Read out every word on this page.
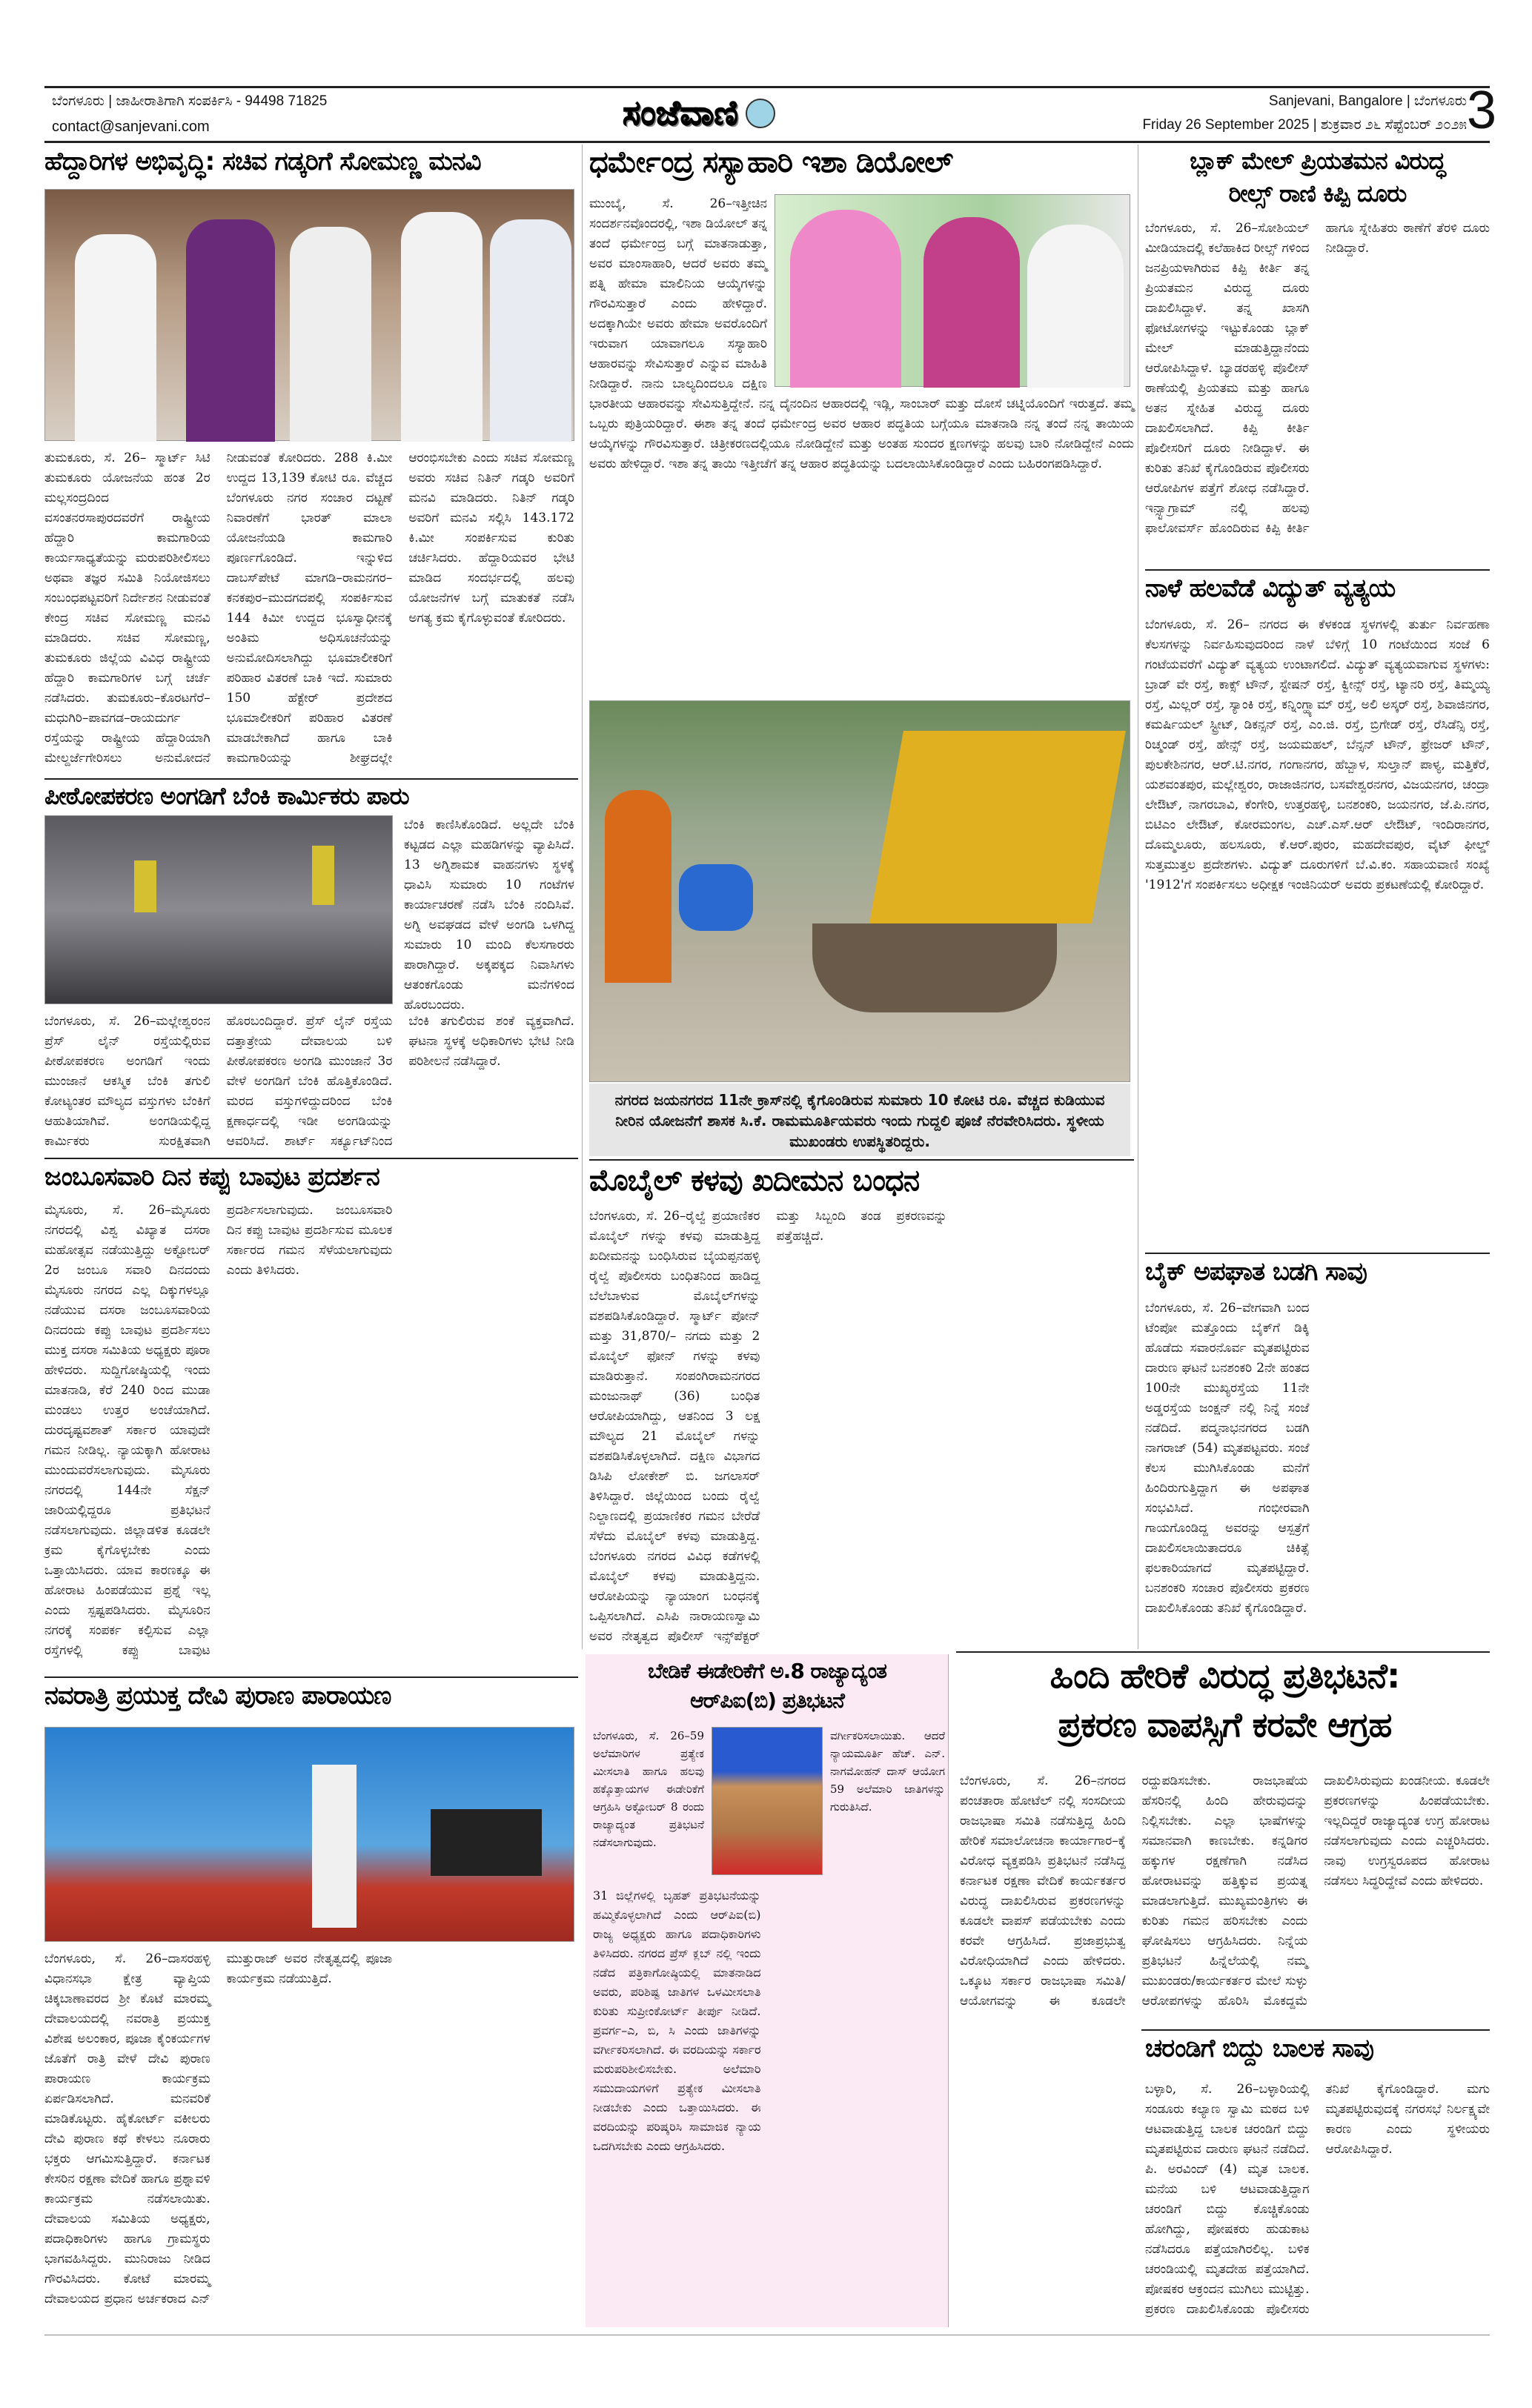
ಬೆಂಗಳೂರು | ಜಾಹೀರಾತಿಗಾಗಿ ಸಂಪರ್ಕಿಸಿ - 94498 71825
contact@sanjevani.com	ಸಂಜೆವಾಣಿ	Sanjevani, Bangalore | ಬೆಂಗಳೂರು
Friday 26 September 2025 | ಶುಕ್ರವಾರ ೨೬ ಸೆಪ್ಟೆಂಬರ್ ೨೦೨೫ 3
ಹೆದ್ದಾರಿಗಳ ಅಭಿವೃದ್ಧಿ: ಸಚಿವ ಗಡ್ಕರಿಗೆ ಸೋಮಣ್ಣ ಮನವಿ
ತುಮಕೂರು, ಸೆ. 26– ಸ್ಮಾರ್ಟ್ ಸಿಟಿ ತುಮಕೂರು ಯೋಜನೆಯ ಹಂತ 2ರ ಮಲ್ಲಸಂದ್ರದಿಂದ ವಸಂತನರಸಾಪುರದವರೆಗೆ ರಾಷ್ಟ್ರೀಯ ಹೆದ್ದಾರಿ ಕಾಮಗಾರಿಯ ಕಾರ್ಯಸಾಧ್ಯತೆಯನ್ನು ಮರುಪರಿಶೀಲಿಸಲು ಅಥವಾ ತಜ್ಞರ ಸಮಿತಿ ನಿಯೋಜಿಸಲು ಸಂಬಂಧಪಟ್ಟವರಿಗೆ ನಿರ್ದೇಶನ ನೀಡುವಂತೆ ಕೇಂದ್ರ ಸಚಿವ ಸೋಮಣ್ಣ ಮನವಿ ಮಾಡಿದರು. ಸಚಿವ ಸೋಮಣ್ಣ, ತುಮಕೂರು ಜಿಲ್ಲೆಯ ವಿವಿಧ ರಾಷ್ಟ್ರೀಯ ಹೆದ್ದಾರಿ ಕಾಮಗಾರಿಗಳ ಬಗ್ಗೆ ಚರ್ಚೆ ನಡೆಸಿದರು. ತುಮಕೂರು–ಕೊರಟಗೆರೆ–ಮಧುಗಿರಿ–ಪಾವಗಡ–ರಾಯದುರ್ಗ ರಸ್ತೆಯನ್ನು ರಾಷ್ಟ್ರೀಯ ಹೆದ್ದಾರಿಯಾಗಿ ಮೇಲ್ದರ್ಜೆಗೇರಿಸಲು ಅನುಮೋದನೆ ನೀಡುವಂತೆ ಕೋರಿದರು. 288 ಕಿ.ಮೀ ಉದ್ದದ 13,139 ಕೋಟಿ ರೂ. ವೆಚ್ಚದ ಬೆಂಗಳೂರು ನಗರ ಸಂಚಾರ ದಟ್ಟಣೆ ನಿವಾರಣೆಗೆ ಭಾರತ್ ಮಾಲಾ ಯೋಜನೆಯಡಿ ಕಾಮಗಾರಿ ಪೂರ್ಣಗೊಂಡಿದೆ. ಇನ್ನುಳಿದ ದಾಬಸ್‌ಪೇಟೆ ಮಾಗಡಿ–ರಾಮನಗರ–ಕನಕಪುರ–ಮುದಗದಪಲ್ಲಿ ಸಂಪರ್ಕಿಸುವ 144 ಕಿಮೀ ಉದ್ದದ ಭೂಸ್ವಾಧೀನಕ್ಕೆ ಅಂತಿಮ ಅಧಿಸೂಚನೆಯನ್ನು ಅನುಮೋದಿಸಲಾಗಿದ್ದು ಭೂಮಾಲೀಕರಿಗೆ ಪರಿಹಾರ ವಿತರಣೆ ಬಾಕಿ ಇದೆ. ಸುಮಾರು 150 ಹೆಕ್ಟೇರ್ ಪ್ರದೇಶದ ಭೂಮಾಲೀಕರಿಗೆ ಪರಿಹಾರ ವಿತರಣೆ ಮಾಡಬೇಕಾಗಿದೆ ಹಾಗೂ ಬಾಕಿ ಕಾಮಗಾರಿಯನ್ನು ಶೀಘ್ರದಲ್ಲೇ ಆರಂಭಿಸಬೇಕು ಎಂದು ಸಚಿವ ಸೋಮಣ್ಣ ಅವರು ಸಚಿವ ನಿತಿನ್ ಗಡ್ಕರಿ ಅವರಿಗೆ ಮನವಿ ಮಾಡಿದರು. ನಿತಿನ್ ಗಡ್ಕರಿ ಅವರಿಗೆ ಮನವಿ ಸಲ್ಲಿಸಿ 143.172 ಕಿ.ಮೀ ಸಂಪರ್ಕಿಸುವ ಕುರಿತು ಚರ್ಚಿಸಿದರು. ಹೆದ್ದಾರಿಯವರ ಭೇಟಿ ಮಾಡಿದ ಸಂದರ್ಭದಲ್ಲಿ ಹಲವು ಯೋಜನೆಗಳ ಬಗ್ಗೆ ಮಾತುಕತೆ ನಡೆಸಿ ಅಗತ್ಯ ಕ್ರಮ ಕೈಗೊಳ್ಳುವಂತೆ ಕೋರಿದರು.
ಪೀಠೋಪಕರಣ ಅಂಗಡಿಗೆ ಬೆಂಕಿ ಕಾರ್ಮಿಕರು ಪಾರು
ಬೆಂಕಿ ಕಾಣಿಸಿಕೊಂಡಿದೆ. ಅಲ್ಲದೇ ಬೆಂಕಿ ಕಟ್ಟಡದ ಎಲ್ಲಾ ಮಹಡಿಗಳನ್ನು ವ್ಯಾಪಿಸಿದೆ. 13 ಅಗ್ನಿಶಾಮಕ ವಾಹನಗಳು ಸ್ಥಳಕ್ಕೆ ಧಾವಿಸಿ ಸುಮಾರು 10 ಗಂಟೆಗಳ ಕಾರ್ಯಾಚರಣೆ ನಡೆಸಿ ಬೆಂಕಿ ನಂದಿಸಿವೆ. ಅಗ್ನಿ ಅವಘಡದ ವೇಳೆ ಅಂಗಡಿ ಒಳಗಿದ್ದ ಸುಮಾರು 10 ಮಂದಿ ಕೆಲಸಗಾರರು ಪಾರಾಗಿದ್ದಾರೆ. ಅಕ್ಕಪಕ್ಕದ ನಿವಾಸಿಗಳು ಆತಂಕಗೊಂಡು ಮನೆಗಳಿಂದ ಹೊರಬಂದರು.
ಬೆಂಗಳೂರು, ಸೆ. 26–ಮಲ್ಲೇಶ್ವರಂನ ಪ್ರೆಸ್ ಲೈನ್ ರಸ್ತೆಯಲ್ಲಿರುವ ಪೀಠೋಪಕರಣ ಅಂಗಡಿಗೆ ಇಂದು ಮುಂಜಾನೆ ಆಕಸ್ಮಿಕ ಬೆಂಕಿ ತಗುಲಿ ಕೋಟ್ಯಂತರ ಮೌಲ್ಯದ ವಸ್ತುಗಳು ಬೆಂಕಿಗೆ ಆಹುತಿಯಾಗಿವೆ. ಅಂಗಡಿಯಲ್ಲಿದ್ದ ಕಾರ್ಮಿಕರು ಸುರಕ್ಷಿತವಾಗಿ ಹೊರಬಂದಿದ್ದಾರೆ. ಪ್ರೆಸ್ ಲೈನ್ ರಸ್ತೆಯ ದತ್ತಾತ್ರೇಯ ದೇವಾಲಯ ಬಳಿ ಪೀಠೋಪಕರಣ ಅಂಗಡಿ ಮುಂಜಾನೆ 3ರ ವೇಳೆ ಅಂಗಡಿಗೆ ಬೆಂಕಿ ಹೊತ್ತಿಕೊಂಡಿದೆ. ಮರದ ವಸ್ತುಗಳಿದ್ದುದರಿಂದ ಬೆಂಕಿ ಕ್ಷಣಾರ್ಧದಲ್ಲಿ ಇಡೀ ಅಂಗಡಿಯನ್ನು ಆವರಿಸಿದೆ. ಶಾರ್ಟ್ ಸರ್ಕ್ಯೂಟ್‌ನಿಂದ ಬೆಂಕಿ ತಗುಲಿರುವ ಶಂಕೆ ವ್ಯಕ್ತವಾಗಿದೆ. ಘಟನಾ ಸ್ಥಳಕ್ಕೆ ಅಧಿಕಾರಿಗಳು ಭೇಟಿ ನೀಡಿ ಪರಿಶೀಲನೆ ನಡೆಸಿದ್ದಾರೆ.
ಜಂಬೂಸವಾರಿ ದಿನ ಕಪ್ಪು ಬಾವುಟ ಪ್ರದರ್ಶನ
ಮೈಸೂರು, ಸೆ. 26–ಮೈಸೂರು ನಗರದಲ್ಲಿ ವಿಶ್ವ ವಿಖ್ಯಾತ ದಸರಾ ಮಹೋತ್ಸವ ನಡೆಯುತ್ತಿದ್ದು ಅಕ್ಟೋಬರ್ 2ರ ಜಂಬೂ ಸವಾರಿ ದಿನದಂದು ಮೈಸೂರು ನಗರದ ಎಲ್ಲ ದಿಕ್ಕುಗಳಲ್ಲೂ ನಡೆಯುವ ದಸರಾ ಜಂಬೂಸವಾರಿಯ ದಿನದಂದು ಕಪ್ಪು ಬಾವುಟ ಪ್ರದರ್ಶಿಸಲು ಮುಕ್ತ ದಸರಾ ಸಮಿತಿಯ ಅಧ್ಯಕ್ಷರು ಪೂರಾ ಹೇಳಿದರು. ಸುದ್ದಿಗೋಷ್ಠಿಯಲ್ಲಿ ಇಂದು ಮಾತನಾಡಿ, ಕೆರೆ 240 ರಿಂದ ಮುಡಾ ಮಂಡಲು ಉತ್ತರ ಅಂಚೆಯಾಗಿದೆ. ದುರದೃಷ್ಟವಶಾತ್ ಸರ್ಕಾರ ಯಾವುದೇ ಗಮನ ನೀಡಿಲ್ಲ. ನ್ಯಾಯಕ್ಕಾಗಿ ಹೋರಾಟ ಮುಂದುವರೆಸಲಾಗುವುದು. ಮೈಸೂರು ನಗರದಲ್ಲಿ 144ನೇ ಸೆಕ್ಷನ್ ಜಾರಿಯಲ್ಲಿದ್ದರೂ ಪ್ರತಿಭಟನೆ ನಡೆಸಲಾಗುವುದು. ಜಿಲ್ಲಾಡಳಿತ ಕೂಡಲೇ ಕ್ರಮ ಕೈಗೊಳ್ಳಬೇಕು ಎಂದು ಒತ್ತಾಯಿಸಿದರು. ಯಾವ ಕಾರಣಕ್ಕೂ ಈ ಹೋರಾಟ ಹಿಂಪಡೆಯುವ ಪ್ರಶ್ನೆ ಇಲ್ಲ ಎಂದು ಸ್ಪಷ್ಟಪಡಿಸಿದರು. ಮೈಸೂರಿನ ನಗರಕ್ಕೆ ಸಂಪರ್ಕ ಕಲ್ಪಿಸುವ ಎಲ್ಲಾ ರಸ್ತೆಗಳಲ್ಲಿ ಕಪ್ಪು ಬಾವುಟ ಪ್ರದರ್ಶಿಸಲಾಗುವುದು. ಜಂಬೂಸವಾರಿ ದಿನ ಕಪ್ಪು ಬಾವುಟ ಪ್ರದರ್ಶಿಸುವ ಮೂಲಕ ಸರ್ಕಾರದ ಗಮನ ಸೆಳೆಯಲಾಗುವುದು ಎಂದು ತಿಳಿಸಿದರು.
ನವರಾತ್ರಿ ಪ್ರಯುಕ್ತ ದೇವಿ ಪುರಾಣ ಪಾರಾಯಣ
ಬೆಂಗಳೂರು, ಸೆ. 26–ದಾಸರಹಳ್ಳಿ ವಿಧಾನಸಭಾ ಕ್ಷೇತ್ರ ವ್ಯಾಪ್ತಿಯ ಚಿಕ್ಕಬಾಣಾವರದ ಶ್ರೀ ಕೊಟೆ ಮಾರಮ್ಮ ದೇವಾಲಯದಲ್ಲಿ ನವರಾತ್ರಿ ಪ್ರಯುಕ್ತ ವಿಶೇಷ ಅಲಂಕಾರ, ಪೂಜಾ ಕೈಂಕರ್ಯಗಳ ಜೊತೆಗೆ ರಾತ್ರಿ ವೇಳೆ ದೇವಿ ಪುರಾಣ ಪಾರಾಯಣ ಕಾರ್ಯಕ್ರಮ ಏರ್ಪಡಿಸಲಾಗಿದೆ. ಮನವರಿಕೆ ಮಾಡಿಕೊಟ್ಟರು. ಹೈಕೋರ್ಟ್ ವಕೀಲರು ದೇವಿ ಪುರಾಣ ಕಥೆ ಕೇಳಲು ನೂರಾರು ಭಕ್ತರು ಆಗಮಿಸುತ್ತಿದ್ದಾರೆ. ಕರ್ನಾಟಕ ಕೇಸರಿನ ರಕ್ಷಣಾ ವೇದಿಕೆ ಹಾಗೂ ಪ್ರಶ್ನಾವಳಿ ಕಾರ್ಯಕ್ರಮ ನಡೆಸಲಾಯಿತು. ದೇವಾಲಯ ಸಮಿತಿಯ ಅಧ್ಯಕ್ಷರು, ಪದಾಧಿಕಾರಿಗಳು ಹಾಗೂ ಗ್ರಾಮಸ್ಥರು ಭಾಗವಹಿಸಿದ್ದರು. ಮುನಿರಾಜು ನೀಡಿದ ಗೌರವಿಸಿದರು. ಕೋಟೆ ಮಾರಮ್ಮ ದೇವಾಲಯದ ಪ್ರಧಾನ ಅರ್ಚಕರಾದ ಎನ್ ಮುತ್ತುರಾಜ್ ಅವರ ನೇತೃತ್ವದಲ್ಲಿ ಪೂಜಾ ಕಾರ್ಯಕ್ರಮ ನಡೆಯುತ್ತಿದೆ.
ಧರ್ಮೇಂದ್ರ ಸಸ್ಯಾಹಾರಿ ಇಶಾ ಡಿಯೋಲ್
ಮುಂಬೈ, ಸೆ. 26–ಇತ್ತೀಚಿನ ಸಂದರ್ಶನವೊಂದರಲ್ಲಿ, ಇಶಾ ಡಿಯೋಲ್ ತನ್ನ ತಂದೆ ಧರ್ಮೇಂದ್ರ ಬಗ್ಗೆ ಮಾತನಾಡುತ್ತಾ, ಅವರ ಮಾಂಸಾಹಾರಿ, ಆದರೆ ಅವರು ತಮ್ಮ ಪತ್ನಿ ಹೇಮಾ ಮಾಲಿನಿಯ ಆಯ್ಕೆಗಳನ್ನು ಗೌರವಿಸುತ್ತಾರೆ ಎಂದು ಹೇಳಿದ್ದಾರೆ. ಅದಕ್ಕಾಗಿಯೇ ಅವರು ಹೇಮಾ ಅವರೊಂದಿಗೆ ಇರುವಾಗ ಯಾವಾಗಲೂ ಸಸ್ಯಾಹಾರಿ ಆಹಾರವನ್ನು ಸೇವಿಸುತ್ತಾರೆ ಎನ್ನುವ ಮಾಹಿತಿ ನೀಡಿದ್ದಾರೆ. ನಾನು ಬಾಲ್ಯದಿಂದಲೂ ದಕ್ಷಿಣ ಭಾರತೀಯ ಆಹಾರವನ್ನು ಸೇವಿಸುತ್ತಿದ್ದೇನೆ. ನನ್ನ ದೈನಂದಿನ ಆಹಾರದಲ್ಲಿ ಇಡ್ಲಿ, ಸಾಂಬಾರ್ ಮತ್ತು ದೋಸೆ ಚಟ್ನಿಯೊಂದಿಗೆ ಇರುತ್ತದೆ. ತಮ್ಮ ಒಬ್ಬರು ಪುತ್ರಿಯರಿದ್ದಾರೆ. ಈಶಾ ತನ್ನ ತಂದೆ ಧರ್ಮೇಂದ್ರ ಅವರ ಆಹಾರ ಪದ್ಧತಿಯ ಬಗ್ಗೆಯೂ ಮಾತನಾಡಿ ನನ್ನ ತಂದೆ ನನ್ನ ತಾಯಿಯ ಆಯ್ಕೆಗಳನ್ನು ಗೌರವಿಸುತ್ತಾರೆ. ಚಿತ್ರೀಕರಣದಲ್ಲಿಯೂ ನೋಡಿದ್ದೇನೆ ಮತ್ತು ಅಂತಹ ಸುಂದರ ಕ್ಷಣಗಳನ್ನು ಹಲವು ಬಾರಿ ನೋಡಿದ್ದೇನೆ ಎಂದು ಅವರು ಹೇಳಿದ್ದಾರೆ. ಇಶಾ ತನ್ನ ತಾಯಿ ಇತ್ತೀಚೆಗೆ ತನ್ನ ಆಹಾರ ಪದ್ಧತಿಯನ್ನು ಬದಲಾಯಿಸಿಕೊಂಡಿದ್ದಾರೆ ಎಂದು ಬಹಿರಂಗಪಡಿಸಿದ್ದಾರೆ.
ನಗರದ ಜಯನಗರದ 11ನೇ ಕ್ರಾಸ್‌ನಲ್ಲಿ ಕೈಗೊಂಡಿರುವ ಸುಮಾರು 10 ಕೋಟಿ ರೂ. ವೆಚ್ಚದ ಕುಡಿಯುವ ನೀರಿನ ಯೋಜನೆಗೆ ಶಾಸಕ ಸಿ.ಕೆ. ರಾಮಮೂರ್ತಿಯವರು ಇಂದು ಗುದ್ದಲಿ ಪೂಜೆ ನೆರವೇರಿಸಿದರು. ಸ್ಥಳೀಯ ಮುಖಂಡರು ಉಪಸ್ಥಿತರಿದ್ದರು.
ಮೊಬೈಲ್ ಕಳವು ಖದೀಮನ ಬಂಧನ
ಬೆಂಗಳೂರು, ಸೆ. 26–ರೈಲ್ವೆ ಪ್ರಯಾಣಿಕರ ಮೊಬೈಲ್ ಗಳನ್ನು ಕಳವು ಮಾಡುತ್ತಿದ್ದ ಖದೀಮನನ್ನು ಬಂಧಿಸಿರುವ ಬೈಯಪ್ಪನಹಳ್ಳಿ ರೈಲ್ವೆ ಪೊಲೀಸರು ಬಂಧಿತನಿಂದ ಹಾಡಿದ್ದ ಬೆಲೆಬಾಳುವ ಮೊಬೈಲ್‌ಗಳನ್ನು ವಶಪಡಿಸಿಕೊಂಡಿದ್ದಾರೆ. ಸ್ಮಾರ್ಟ್ ಪೋನ್ ಮತ್ತು 31,870/– ನಗದು ಮತ್ತು 2 ಮೊಬೈಲ್ ಫೋನ್ ಗಳನ್ನು ಕಳವು ಮಾಡಿರುತ್ತಾನೆ. ಸಂಪಂಗಿರಾಮನಗರದ ಮಂಜುನಾಥ್ (36) ಬಂಧಿತ ಆರೋಪಿಯಾಗಿದ್ದು, ಆತನಿಂದ 3 ಲಕ್ಷ ಮೌಲ್ಯದ 21 ಮೊಬೈಲ್ ಗಳನ್ನು ವಶಪಡಿಸಿಕೊಳ್ಳಲಾಗಿದೆ. ದಕ್ಷಿಣ ವಿಭಾಗದ ಡಿಸಿಪಿ ಲೋಕೇಶ್ ಬಿ. ಜಗಲಾಸರ್ ತಿಳಿಸಿದ್ದಾರೆ. ಜಿಲ್ಲೆಯಿಂದ ಬಂದು ರೈಲ್ವೆ ನಿಲ್ದಾಣದಲ್ಲಿ ಪ್ರಯಾಣಿಕರ ಗಮನ ಬೇರೆಡೆ ಸೆಳೆದು ಮೊಬೈಲ್ ಕಳವು ಮಾಡುತ್ತಿದ್ದ. ಬೆಂಗಳೂರು ನಗರದ ವಿವಿಧ ಕಡೆಗಳಲ್ಲಿ ಮೊಬೈಲ್ ಕಳವು ಮಾಡುತ್ತಿದ್ದನು. ಆರೋಪಿಯನ್ನು ನ್ಯಾಯಾಂಗ ಬಂಧನಕ್ಕೆ ಒಪ್ಪಿಸಲಾಗಿದೆ. ಎಸಿಪಿ ನಾರಾಯಣಸ್ವಾಮಿ ಅವರ ನೇತೃತ್ವದ ಪೊಲೀಸ್ ಇನ್ಸ್‌ಪೆಕ್ಟರ್ ಮತ್ತು ಸಿಬ್ಬಂದಿ ತಂಡ ಪ್ರಕರಣವನ್ನು ಪತ್ತೆಹಚ್ಚಿದೆ.
ಬೇಡಿಕೆ ಈಡೇರಿಕೆಗೆ ಅ.8 ರಾಜ್ಯಾದ್ಯಂತ
ಆರ್‌ಪಿಐ(ಬಿ) ಪ್ರತಿಭಟನೆ
ಬೆಂಗಳೂರು, ಸೆ. 26–59 ಅಲೆಮಾರಿಗಳ ಪ್ರತ್ಯೇಕ ಮೀಸಲಾತಿ ಹಾಗೂ ಹಲವು ಹಕ್ಕೊತ್ತಾಯಗಳ ಈಡೇರಿಕೆಗೆ ಆಗ್ರಹಿಸಿ ಅಕ್ಟೋಬರ್ 8 ರಂದು ರಾಜ್ಯಾದ್ಯಂತ ಪ್ರತಿಭಟನೆ ನಡೆಸಲಾಗುವುದು.
ವರ್ಗೀಕರಿಸಲಾಯಿತು. ಆದರೆ ನ್ಯಾಯಮೂರ್ತಿ ಹೆಚ್. ಎನ್. ನಾಗಮೋಹನ್ ದಾಸ್ ಆಯೋಗ 59 ಅಲೆಮಾರಿ ಜಾತಿಗಳನ್ನು ಗುರುತಿಸಿದೆ.
31 ಜಿಲ್ಲೆಗಳಲ್ಲಿ ಬೃಹತ್ ಪ್ರತಿಭಟನೆಯನ್ನು ಹಮ್ಮಿಕೊಳ್ಳಲಾಗಿದೆ ಎಂದು ಆರ್‌ಪಿಐ(ಬಿ) ರಾಜ್ಯ ಅಧ್ಯಕ್ಷರು ಹಾಗೂ ಪದಾಧಿಕಾರಿಗಳು ತಿಳಿಸಿದರು. ನಗರದ ಪ್ರೆಸ್ ಕ್ಲಬ್ ನಲ್ಲಿ ಇಂದು ನಡೆದ ಪತ್ರಿಕಾಗೋಷ್ಠಿಯಲ್ಲಿ ಮಾತನಾಡಿದ ಅವರು, ಪರಿಶಿಷ್ಟ ಜಾತಿಗಳ ಒಳಮೀಸಲಾತಿ ಕುರಿತು ಸುಪ್ರೀಂಕೋರ್ಟ್ ತೀರ್ಪು ನೀಡಿದೆ. ಪ್ರವರ್ಗ–ಎ, ಬಿ, ಸಿ ಎಂದು ಜಾತಿಗಳನ್ನು ವರ್ಗೀಕರಿಸಲಾಗಿದೆ. ಈ ವರದಿಯನ್ನು ಸರ್ಕಾರ ಮರುಪರಿಶೀಲಿಸಬೇಕು. ಅಲೆಮಾರಿ ಸಮುದಾಯಗಳಿಗೆ ಪ್ರತ್ಯೇಕ ಮೀಸಲಾತಿ ನೀಡಬೇಕು ಎಂದು ಒತ್ತಾಯಿಸಿದರು. ಈ ವರದಿಯನ್ನು ಪರಿಷ್ಕರಿಸಿ ಸಾಮಾಜಿಕ ನ್ಯಾಯ ಒದಗಿಸಬೇಕು ಎಂದು ಆಗ್ರಹಿಸಿದರು.
ಬ್ಲಾಕ್ ಮೇಲ್ ಪ್ರಿಯತಮನ ವಿರುದ್ಧ
ರೀಲ್ಸ್ ರಾಣಿ ಕಿಪ್ಪಿ ದೂರು
ಬೆಂಗಳೂರು, ಸೆ. 26–ಸೋಶಿಯಲ್ ಮೀಡಿಯಾದಲ್ಲಿ ಕಲೆಹಾಕಿದ ರೀಲ್ಸ್ ಗಳಿಂದ ಜನಪ್ರಿಯಳಾಗಿರುವ ಕಿಪ್ಪಿ ಕೀರ್ತಿ ತನ್ನ ಪ್ರಿಯತಮನ ವಿರುದ್ಧ ದೂರು ದಾಖಲಿಸಿದ್ದಾಳೆ. ತನ್ನ ಖಾಸಗಿ ಫೋಟೋಗಳನ್ನು ಇಟ್ಟುಕೊಂಡು ಬ್ಲಾಕ್ ಮೇಲ್ ಮಾಡುತ್ತಿದ್ದಾನೆಂದು ಆರೋಪಿಸಿದ್ದಾಳೆ. ಬ್ಯಾಡರಹಳ್ಳಿ ಪೊಲೀಸ್ ಠಾಣೆಯಲ್ಲಿ ಪ್ರಿಯತಮ ಮತ್ತು ಹಾಗೂ ಅತನ ಸ್ನೇಹಿತ ವಿರುದ್ಧ ದೂರು ದಾಖಲಿಸಲಾಗಿದೆ. ಕಿಪ್ಪಿ ಕೀರ್ತಿ ಪೊಲೀಸರಿಗೆ ದೂರು ನೀಡಿದ್ದಾಳೆ. ಈ ಕುರಿತು ತನಿಖೆ ಕೈಗೊಂಡಿರುವ ಪೊಲೀಸರು ಆರೋಪಿಗಳ ಪತ್ತೆಗೆ ಶೋಧ ನಡೆಸಿದ್ದಾರೆ. ಇನ್ಸ್ಟಾಗ್ರಾಮ್ ನಲ್ಲಿ ಹಲವು ಫಾಲೋವರ್ಸ್ ಹೊಂದಿರುವ ಕಿಪ್ಪಿ ಕೀರ್ತಿ ಹಾಗೂ ಸ್ನೇಹಿತರು ಠಾಣೆಗೆ ತೆರಳಿ ದೂರು ನೀಡಿದ್ದಾರೆ.
ನಾಳೆ ಹಲವೆಡೆ ವಿದ್ಯುತ್ ವ್ಯತ್ಯಯ
ಬೆಂಗಳೂರು, ಸೆ. 26– ನಗರದ ಈ ಕೆಳಕಂಡ ಸ್ಥಳಗಳಲ್ಲಿ ತುರ್ತು ನಿರ್ವಹಣಾ ಕೆಲಸಗಳನ್ನು ನಿರ್ವಹಿಸುವುದರಿಂದ ನಾಳೆ ಬೆಳಿಗ್ಗೆ 10 ಗಂಟೆಯಿಂದ ಸಂಜೆ 6 ಗಂಟೆಯವರೆಗೆ ವಿದ್ಯುತ್ ವ್ಯತ್ಯಯ ಉಂಟಾಗಲಿದೆ. ವಿದ್ಯುತ್ ವ್ಯತ್ಯಯವಾಗುವ ಸ್ಥಳಗಳು: ಬ್ರಾಡ್ ವೇ ರಸ್ತೆ, ಕಾಕ್ಸ್ ಟೌನ್, ಸ್ಟೇಷನ್ ರಸ್ತೆ, ಕ್ವೀನ್ಸ್ ರಸ್ತೆ, ಟ್ಯಾನರಿ ರಸ್ತೆ, ತಿಮ್ಮಯ್ಯ ರಸ್ತೆ, ಮಿಲ್ಲರ್ ರಸ್ತೆ, ಸ್ಯಾಂಕಿ ರಸ್ತೆ, ಕನ್ನಿಂಗ್ಹ್ಯಾಮ್ ರಸ್ತೆ, ಅಲಿ ಅಸ್ಕರ್ ರಸ್ತೆ, ಶಿವಾಜಿನಗರ, ಕಮರ್ಷಿಯಲ್ ಸ್ಟ್ರೀಟ್, ಡಿಕನ್ಸನ್ ರಸ್ತೆ, ಎಂ.ಜಿ. ರಸ್ತೆ, ಬ್ರಿಗೇಡ್ ರಸ್ತೆ, ರೆಸಿಡೆನ್ಸಿ ರಸ್ತೆ, ರಿಚ್ಮಂಡ್ ರಸ್ತೆ, ಹೇನ್ಸ್ ರಸ್ತೆ, ಜಯಮಹಲ್, ಬೆನ್ಸನ್ ಟೌನ್, ಫ್ರೇಜರ್ ಟೌನ್, ಪುಲಕೇಶಿನಗರ, ಆರ್.ಟಿ.ನಗರ, ಗಂಗಾನಗರ, ಹೆಬ್ಬಾಳ, ಸುಲ್ತಾನ್ ಪಾಳ್ಯ, ಮತ್ತಿಕೆರೆ, ಯಶವಂತಪುರ, ಮಲ್ಲೇಶ್ವರಂ, ರಾಜಾಜಿನಗರ, ಬಸವೇಶ್ವರನಗರ, ವಿಜಯನಗರ, ಚಂದ್ರಾ ಲೇಔಟ್, ನಾಗರಬಾವಿ, ಕೆಂಗೇರಿ, ಉತ್ತರಹಳ್ಳಿ, ಬನಶಂಕರಿ, ಜಯನಗರ, ಜೆ.ಪಿ.ನಗರ, ಬಿಟಿಎಂ ಲೇಔಟ್, ಕೋರಮಂಗಲ, ಎಚ್.ಎಸ್.ಆರ್ ಲೇಔಟ್, ಇಂದಿರಾನಗರ, ದೊಮ್ಮಲೂರು, ಹಲಸೂರು, ಕೆ.ಆರ್.ಪುರಂ, ಮಹದೇವಪುರ, ವೈಟ್ ಫೀಲ್ಡ್ ಸುತ್ತಮುತ್ತಲ ಪ್ರದೇಶಗಳು. ವಿದ್ಯುತ್ ದೂರುಗಳಿಗೆ ಬೆ.ವಿ.ಕಂ. ಸಹಾಯವಾಣಿ ಸಂಖ್ಯೆ '1912'ಗೆ ಸಂಪರ್ಕಿಸಲು ಅಧೀಕ್ಷಕ ಇಂಜಿನಿಯರ್ ಅವರು ಪ್ರಕಟಣೆಯಲ್ಲಿ ಕೋರಿದ್ದಾರೆ.
ಬೈಕ್ ಅಪಘಾತ ಬಡಗಿ ಸಾವು
ಬೆಂಗಳೂರು, ಸೆ. 26–ವೇಗವಾಗಿ ಬಂದ ಟೆಂಪೋ ಮತ್ತೊಂದು ಬೈಕ್‌ಗೆ ಡಿಕ್ಕಿ ಹೊಡೆದು ಸವಾರನೊರ್ವ ಮೃತಪಟ್ಟಿರುವ ದಾರುಣ ಘಟನೆ ಬನಶಂಕರಿ 2ನೇ ಹಂತದ 100ನೇ ಮುಖ್ಯರಸ್ತೆಯ 11ನೇ ಅಡ್ಡರಸ್ತೆಯ ಜಂಕ್ಷನ್ ನಲ್ಲಿ ನಿನ್ನೆ ಸಂಜೆ ನಡೆದಿದೆ. ಪದ್ಮನಾಭನಗರದ ಬಡಗಿ ನಾಗರಾಜ್ (54) ಮೃತಪಟ್ಟವರು. ಸಂಜೆ ಕೆಲಸ ಮುಗಿಸಿಕೊಂಡು ಮನೆಗೆ ಹಿಂದಿರುಗುತ್ತಿದ್ದಾಗ ಈ ಅಪಘಾತ ಸಂಭವಿಸಿದೆ. ಗಂಭೀರವಾಗಿ ಗಾಯಗೊಂಡಿದ್ದ ಅವರನ್ನು ಆಸ್ಪತ್ರೆಗೆ ದಾಖಲಿಸಲಾಯಿತಾದರೂ ಚಿಕಿತ್ಸೆ ಫಲಕಾರಿಯಾಗದೆ ಮೃತಪಟ್ಟಿದ್ದಾರೆ. ಬನಶಂಕರಿ ಸಂಚಾರ ಪೊಲೀಸರು ಪ್ರಕರಣ ದಾಖಲಿಸಿಕೊಂಡು ತನಿಖೆ ಕೈಗೊಂಡಿದ್ದಾರೆ.
ಹಿಂದಿ ಹೇರಿಕೆ ವಿರುದ್ಧ ಪ್ರತಿಭಟನೆ:
ಪ್ರಕರಣ ವಾಪಸ್ಸಿಗೆ ಕರವೇ ಆಗ್ರಹ
ಬೆಂಗಳೂರು, ಸೆ. 26–ನಗರದ ಪಂಚತಾರಾ ಹೋಟೆಲ್ ನಲ್ಲಿ ಸಂಸದೀಯ ರಾಜಭಾಷಾ ಸಮಿತಿ ನಡೆಸುತ್ತಿದ್ದ ಹಿಂದಿ ಹೇರಿಕೆ ಸಮಾಲೋಚನಾ ಕಾರ್ಯಾಗಾರ–ಕ್ಕೆ ವಿರೋಧ ವ್ಯಕ್ತಪಡಿಸಿ ಪ್ರತಿಭಟನೆ ನಡೆಸಿದ್ದ ಕರ್ನಾಟಕ ರಕ್ಷಣಾ ವೇದಿಕೆ ಕಾರ್ಯಕರ್ತರ ವಿರುದ್ಧ ದಾಖಲಿಸಿರುವ ಪ್ರಕರಣಗಳನ್ನು ಕೂಡಲೇ ವಾಪಸ್ ಪಡೆಯಬೇಕು ಎಂದು ಕರವೇ ಆಗ್ರಹಿಸಿದೆ. ಪ್ರಜಾಪ್ರಭುತ್ವ ವಿರೋಧಿಯಾಗಿದೆ ಎಂದು ಹೇಳಿದರು. ಒಕ್ಕೂಟ ಸರ್ಕಾರ ರಾಜಭಾಷಾ ಸಮಿತಿ/ಆಯೋಗವನ್ನು ಈ ಕೂಡಲೇ ರದ್ದುಪಡಿಸಬೇಕು. ರಾಜಭಾಷೆಯ ಹೆಸರಿನಲ್ಲಿ ಹಿಂದಿ ಹೇರುವುದನ್ನು ನಿಲ್ಲಿಸಬೇಕು. ಎಲ್ಲಾ ಭಾಷೆಗಳನ್ನು ಸಮಾನವಾಗಿ ಕಾಣಬೇಕು. ಕನ್ನಡಿಗರ ಹಕ್ಕುಗಳ ರಕ್ಷಣೆಗಾಗಿ ನಡೆಸಿದ ಹೋರಾಟವನ್ನು ಹತ್ತಿಕ್ಕುವ ಪ್ರಯತ್ನ ಮಾಡಲಾಗುತ್ತಿದೆ. ಮುಖ್ಯಮಂತ್ರಿಗಳು ಈ ಕುರಿತು ಗಮನ ಹರಿಸಬೇಕು ಎಂದು ಘೋಷಿಸಲು ಆಗ್ರಹಿಸಿದರು. ನಿನ್ನೆಯ ಪ್ರತಿಭಟನೆ ಹಿನ್ನೆಲೆಯಲ್ಲಿ ನಮ್ಮ ಮುಖಂಡರು/ಕಾರ್ಯಕರ್ತರ ಮೇಲೆ ಸುಳ್ಳು ಆರೋಪಗಳನ್ನು ಹೊರಿಸಿ ಮೊಕದ್ದಮೆ ದಾಖಲಿಸಿರುವುದು ಖಂಡನೀಯ. ಕೂಡಲೇ ಪ್ರಕರಣಗಳನ್ನು ಹಿಂಪಡೆಯಬೇಕು. ಇಲ್ಲದಿದ್ದರೆ ರಾಜ್ಯಾದ್ಯಂತ ಉಗ್ರ ಹೋರಾಟ ನಡೆಸಲಾಗುವುದು ಎಂದು ಎಚ್ಚರಿಸಿದರು. ನಾವು ಉಗ್ರಸ್ವರೂಪದ ಹೋರಾಟ ನಡೆಸಲು ಸಿದ್ಧರಿದ್ದೇವೆ ಎಂದು ಹೇಳಿದರು.
ಚರಂಡಿಗೆ ಬಿದ್ದು ಬಾಲಕ ಸಾವು
ಬಳ್ಳಾರಿ, ಸೆ. 26–ಬಳ್ಳಾರಿಯಲ್ಲಿ ಸಂಡೂರು ಕಲ್ಯಾಣ ಸ್ವಾಮಿ ಮಠದ ಬಳಿ ಆಟವಾಡುತ್ತಿದ್ದ ಬಾಲಕ ಚರಂಡಿಗೆ ಬಿದ್ದು ಮೃತಪಟ್ಟಿರುವ ದಾರುಣ ಘಟನೆ ನಡೆದಿದೆ. ಪಿ. ಅರವಿಂದ್ (4) ಮೃತ ಬಾಲಕ. ಮನೆಯ ಬಳಿ ಆಟವಾಡುತ್ತಿದ್ದಾಗ ಚರಂಡಿಗೆ ಬಿದ್ದು ಕೊಚ್ಚಿಕೊಂಡು ಹೋಗಿದ್ದು, ಪೋಷಕರು ಹುಡುಕಾಟ ನಡೆಸಿದರೂ ಪತ್ತೆಯಾಗಿರಲಿಲ್ಲ. ಬಳಿಕ ಚರಂಡಿಯಲ್ಲಿ ಮೃತದೇಹ ಪತ್ತೆಯಾಗಿದೆ. ಪೋಷಕರ ಆಕ್ರಂದನ ಮುಗಿಲು ಮುಟ್ಟಿತ್ತು. ಪ್ರಕರಣ ದಾಖಲಿಸಿಕೊಂಡು ಪೊಲೀಸರು ತನಿಖೆ ಕೈಗೊಂಡಿದ್ದಾರೆ. ಮಗು ಮೃತಪಟ್ಟಿರುವುದಕ್ಕೆ ನಗರಸಭೆ ನಿರ್ಲಕ್ಷ್ಯವೇ ಕಾರಣ ಎಂದು ಸ್ಥಳೀಯರು ಆರೋಪಿಸಿದ್ದಾರೆ.
